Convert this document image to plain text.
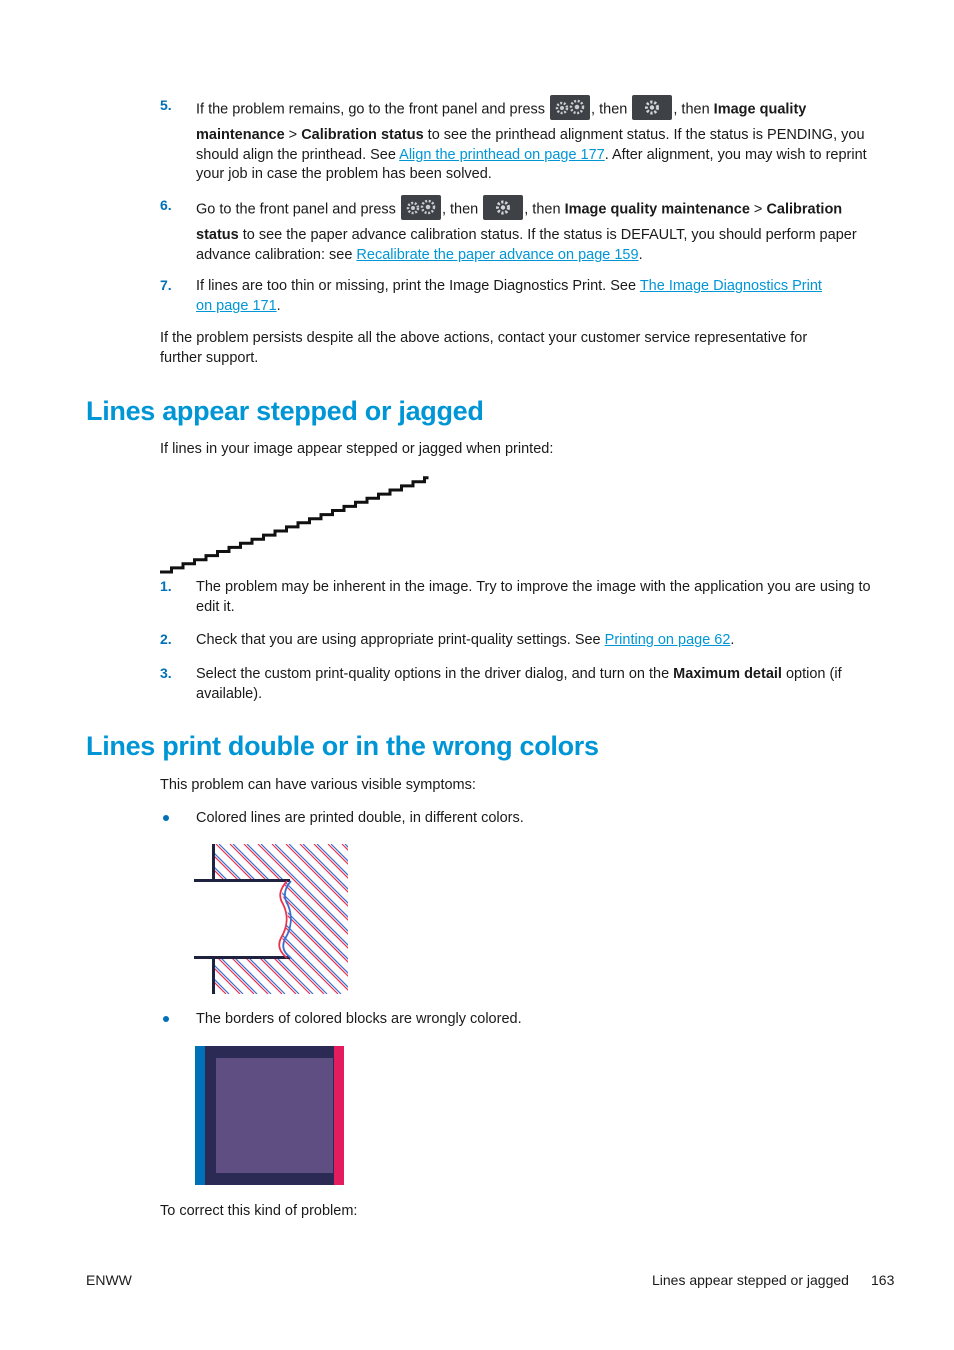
5. If the problem remains, go to the front panel and press	, then	, then Image quality
maintenance > Calibration status to see the printhead alignment status. If the status is PENDING, you should align the printhead. See Align the printhead on page 177. After alignment, you may wish to reprint your job in case the problem has been solved.
6. Go to the front panel and press	, then	, then Image quality maintenance > Calibration
status to see the paper advance calibration status. If the status is DEFAULT, you should perform paper advance calibration: see Recalibrate the paper advance on page 159.
7. If lines are too thin or missing, print the Image Diagnostics Print. See The Image Diagnostics Print
on page 171.
If the problem persists despite all the above actions, contact your customer service representative for further support.
Lines appear stepped or jagged
If lines in your image appear stepped or jagged when printed:
1. The problem may be inherent in the image. Try to improve the image with the application you are using to edit it.
2. Check that you are using appropriate print-quality settings. See Printing on page 62.
3. Select the custom print-quality options in the driver dialog, and turn on the Maximum detail option (if available).
Lines print double or in the wrong colors
This problem can have various visible symptoms:
Colored lines are printed double, in different colors.
The borders of colored blocks are wrongly colored.
To correct this kind of problem:
ENWW	Lines appear stepped or jagged 163
